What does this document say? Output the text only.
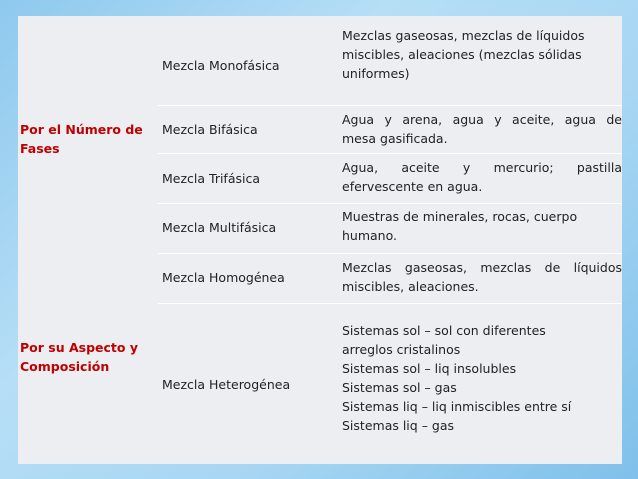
Por el Número de
Fases
Por su Aspecto y
Composición
Mezcla Monofásica
Mezclas gaseosas, mezclas de líquidos
miscibles, aleaciones (mezclas sólidas
uniformes)
Mezcla Bifásica
Agua y arena, agua y aceite, agua de
mesa gasificada.
Mezcla Trifásica
Agua, aceite y mercurio; pastilla
efervescente en agua.
Mezcla Multifásica
Muestras de minerales, rocas, cuerpo
humano.
Mezcla Homogénea
Mezclas gaseosas, mezclas de líquidos
miscibles, aleaciones.
Mezcla Heterogénea
Sistemas sol – sol con diferentes
arreglos cristalinos
Sistemas sol – liq insolubles
Sistemas sol – gas
Sistemas liq – liq inmiscibles entre sí
Sistemas liq – gas
